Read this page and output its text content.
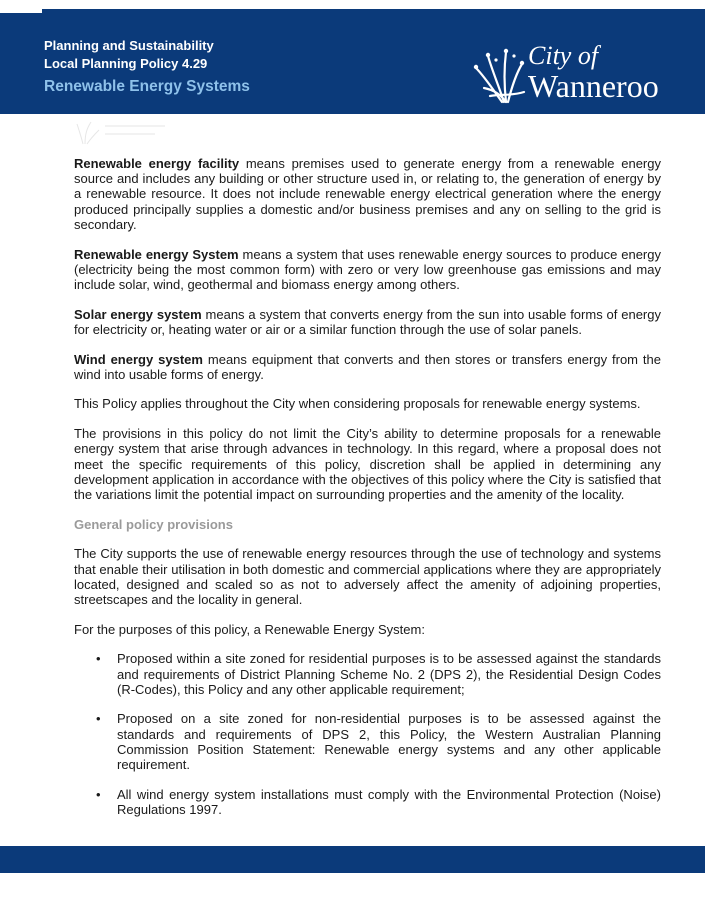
Planning and Sustainability
Local Planning Policy 4.29
Renewable Energy Systems
City of
Wanneroo

Renewable energy facility means premises used to generate energy from a renewable energy source and includes any building or other structure used in, or relating to, the generation of energy by a renewable resource. It does not include renewable energy electrical generation where the energy produced principally supplies a domestic and/or business premises and any on selling to the grid is secondary.

Renewable energy System means a system that uses renewable energy sources to produce energy (electricity being the most common form) with zero or very low greenhouse gas emissions and may include solar, wind, geothermal and biomass energy among others.

Solar energy system means a system that converts energy from the sun into usable forms of energy for electricity or, heating water or air or a similar function through the use of solar panels.

Wind energy system means equipment that converts and then stores or transfers energy from the wind into usable forms of energy.

This Policy applies throughout the City when considering proposals for renewable energy systems.

The provisions in this policy do not limit the City’s ability to determine proposals for a renewable energy system that arise through advances in technology. In this regard, where a proposal does not meet the specific requirements of this policy, discretion shall be applied in determining any development application in accordance with the objectives of this policy where the City is satisfied that the variations limit the potential impact on surrounding properties and the amenity of the locality.

General policy provisions

The City supports the use of renewable energy resources through the use of technology and systems that enable their utilisation in both domestic and commercial applications where they are appropriately located, designed and scaled so as not to adversely affect the amenity of adjoining properties, streetscapes and the locality in general.

For the purposes of this policy, a Renewable Energy System:

• Proposed within a site zoned for residential purposes is to be assessed against the standards and requirements of District Planning Scheme No. 2 (DPS 2), the Residential Design Codes (R-Codes), this Policy and any other applicable requirement;
• Proposed on a site zoned for non-residential purposes is to be assessed against the standards and requirements of DPS 2, this Policy, the Western Australian Planning Commission Position Statement: Renewable energy systems and any other applicable requirement.
• All wind energy system installations must comply with the Environmental Protection (Noise) Regulations 1997.
